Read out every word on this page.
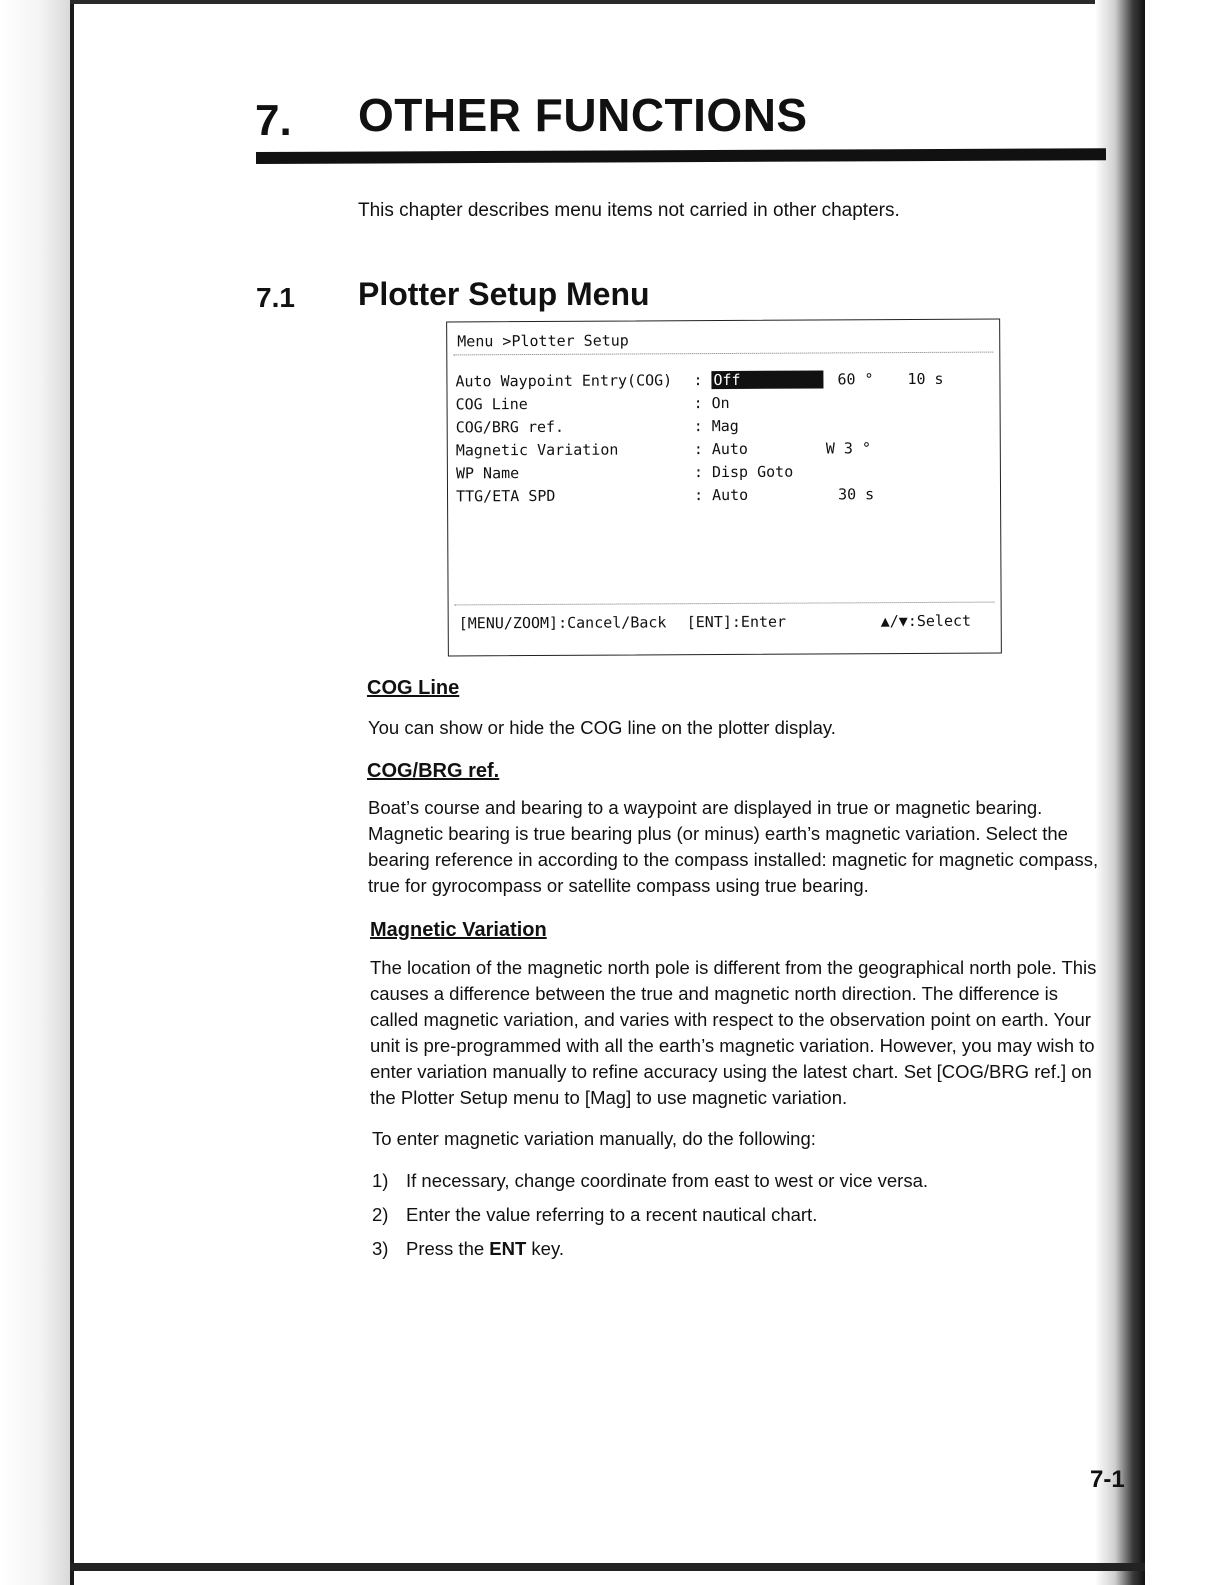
7. OTHER FUNCTIONS
This chapter describes menu items not carried in other chapters.
7.1 Plotter Setup Menu
Menu >Plotter Setup
Auto Waypoint Entry(COG)	: Off	60 ° 10 s
COG Line	: On
COG/BRG ref.	: Mag
Magnetic Variation	: Auto	W 3 °
WP Name	: Disp Goto
TTG/ETA SPD	: Auto	30 s
[MENU/ZOOM]:Cancel/Back [ENT]:Enter	▲/▼:Select
COG Line
You can show or hide the COG line on the plotter display.
COG/BRG ref.
Boat’s course and bearing to a waypoint are displayed in true or magnetic bearing. Magnetic bearing is true bearing plus (or minus) earth’s magnetic variation. Select the bearing reference in according to the compass installed: magnetic for magnetic compass, true for gyrocompass or satellite compass using true bearing.
Magnetic Variation
The location of the magnetic north pole is different from the geographical north pole. This causes a difference between the true and magnetic north direction. The difference is called magnetic variation, and varies with respect to the observation point on earth. Your unit is pre-programmed with all the earth’s magnetic variation. However, you may wish to enter variation manually to refine accuracy using the latest chart. Set [COG/BRG ref.] on the Plotter Setup menu to [Mag] to use magnetic variation.
To enter magnetic variation manually, do the following:
1) If necessary, change coordinate from east to west or vice versa.
2) Enter the value referring to a recent nautical chart.
3) Press the ENT key.
7-1
